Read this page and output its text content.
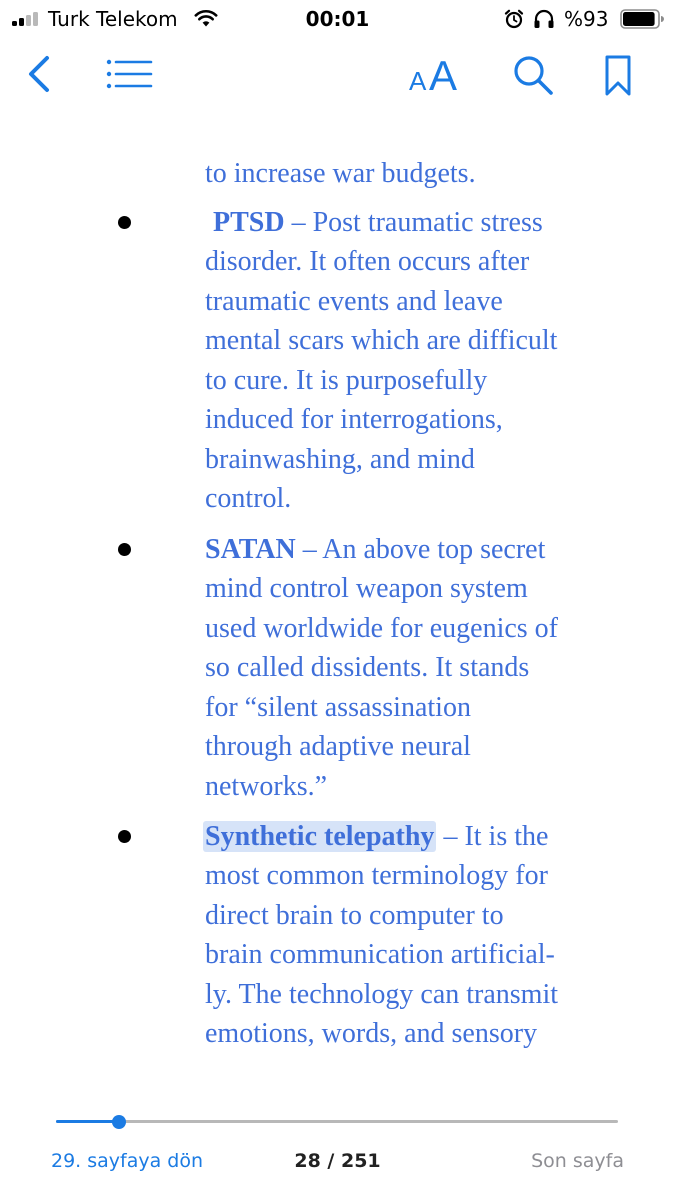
Turk Telekom	00:01	%93
A A
to increase war budgets.
PTSD – Post traumatic stress
disorder. It often occurs after
traumatic events and leave
mental scars which are difficult
to cure. It is purposefully
induced for interrogations,
brainwashing, and mind
control.
SATAN – An above top secret
mind control weapon system
used worldwide for eugenics of
so called dissidents. It stands
for “silent assassination
through adaptive neural
networks.”
Synthetic telepathy – It is the
most common terminology for
direct brain to computer to
brain communication artificial-
ly. The technology can transmit
emotions, words, and sensory
29. sayfaya dön	28 / 251	Son sayfa
